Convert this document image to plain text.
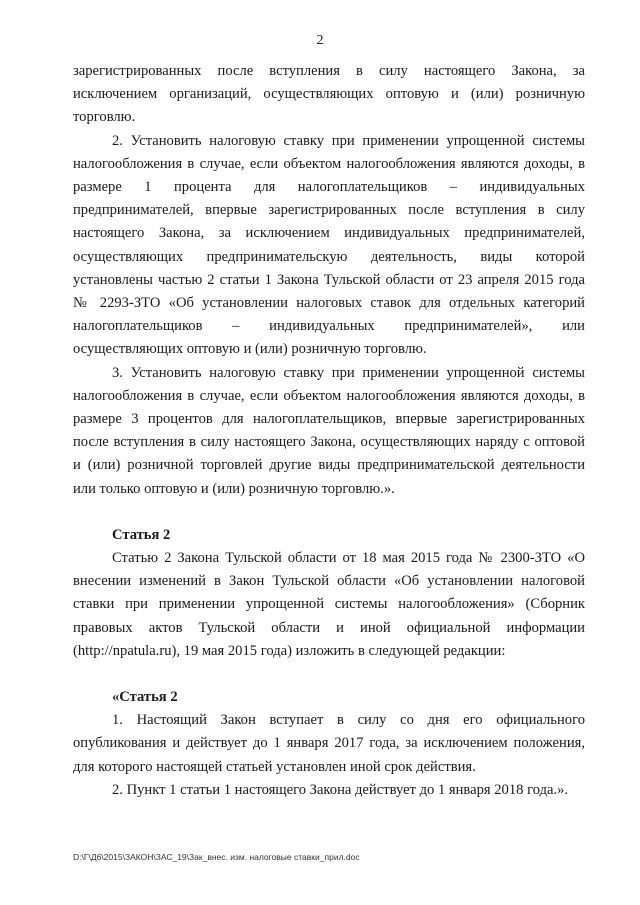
2

зарегистрированных после вступления в силу настоящего Закона, за исключением организаций, осуществляющих оптовую и (или) розничную торговлю.

2. Установить налоговую ставку при применении упрощенной системы налогообложения в случае, если объектом налогообложения являются доходы, в размере 1 процента для налогоплательщиков – индивидуальных предпринимателей, впервые зарегистрированных после вступления в силу настоящего Закона, за исключением индивидуальных предпринимателей, осуществляющих предпринимательскую деятельность, виды которой установлены частью 2 статьи 1 Закона Тульской области от 23 апреля 2015 года № 2293-ЗТО «Об установлении налоговых ставок для отдельных категорий налогоплательщиков – индивидуальных предпринимателей», или осуществляющих оптовую и (или) розничную торговлю.

3. Установить налоговую ставку при применении упрощенной системы налогообложения в случае, если объектом налогообложения являются доходы, в размере 3 процентов для налогоплательщиков, впервые зарегистрированных после вступления в силу настоящего Закона, осуществляющих наряду с оптовой и (или) розничной торговлей другие виды предпринимательской деятельности или только оптовую и (или) розничную торговлю.».

Статья 2

Статью 2 Закона Тульской области от 18 мая 2015 года № 2300-ЗТО «О внесении изменений в Закон Тульской области «Об установлении налоговой ставки при применении упрощенной системы налогообложения» (Сборник правовых актов Тульской области и иной официальной информации (http://npatula.ru), 19 мая 2015 года) изложить в следующей редакции:

«Статья 2

1. Настоящий Закон вступает в силу со дня его официального опубликования и действует до 1 января 2017 года, за исключением положения, для которого настоящей статьей установлен иной срок действия.

2. Пункт 1 статьи 1 настоящего Закона действует до 1 января 2018 года.».

D:\Г\Д6\2015\ЗАКОН\ЗАС_19\Зак_внес. изм. налоговые ставки_прил.doc
